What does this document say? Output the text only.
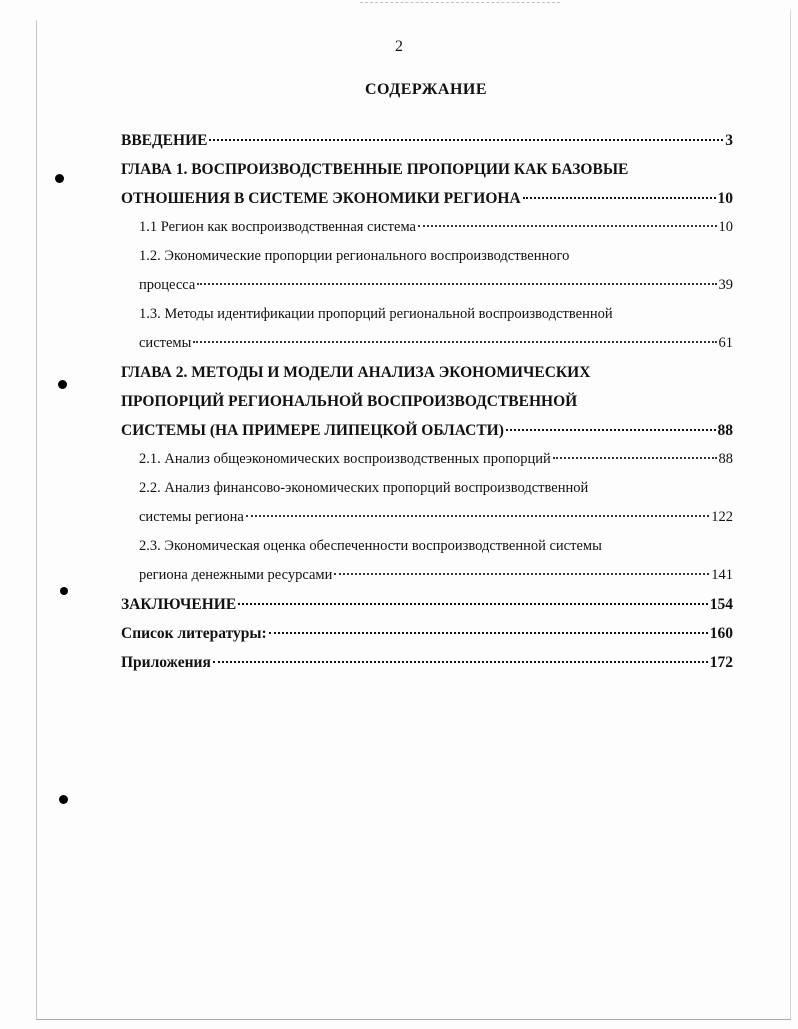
2
СОДЕРЖАНИЕ
ВВЕДЕНИЕ	3
ГЛАВА 1. ВОСПРОИЗВОДСТВЕННЫЕ ПРОПОРЦИИ КАК БАЗОВЫЕ
ОТНОШЕНИЯ В СИСТЕМЕ ЭКОНОМИКИ РЕГИОНА	10
1.1 Регион как воспроизводственная система	10
1.2. Экономические пропорции регионального воспроизводственного
процесса	39
1.3. Методы идентификации пропорций региональной воспроизводственной
системы	61
ГЛАВА 2. МЕТОДЫ И МОДЕЛИ АНАЛИЗА ЭКОНОМИЧЕСКИХ
ПРОПОРЦИЙ РЕГИОНАЛЬНОЙ ВОСПРОИЗВОДСТВЕННОЙ
СИСТЕМЫ (НА ПРИМЕРЕ ЛИПЕЦКОЙ ОБЛАСТИ)	88
2.1. Анализ общеэкономических воспроизводственных пропорций	88
2.2. Анализ финансово-экономических пропорций воспроизводственной
системы региона	122
2.3. Экономическая оценка обеспеченности воспроизводственной системы
региона денежными ресурсами	141
ЗАКЛЮЧЕНИЕ	154
Список литературы:	160
Приложения	172
